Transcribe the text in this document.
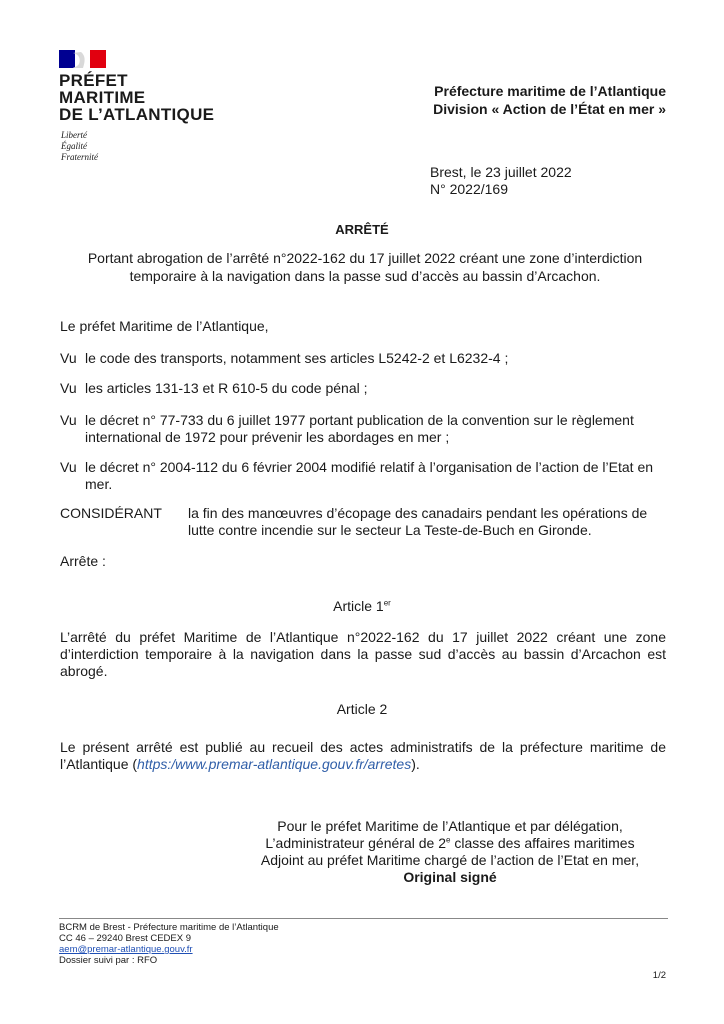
PRÉFET
MARITIME
DE L’ATLANTIQUE
Liberté
Égalité
Fraternité
Préfecture maritime de l’Atlantique
Division « Action de l’État en mer »
Brest, le 23 juillet 2022
N° 2022/169
ARRÊTÉ
Portant abrogation de l’arrêté n°2022-162 du 17 juillet 2022 créant une zone d’interdiction
temporaire à la navigation dans la passe sud d’accès au bassin d’Arcachon.
Le préfet Maritime de l’Atlantique,
Vu le code des transports, notamment ses articles L5242-2 et L6232-4 ;
Vu les articles 131-13 et R 610-5 du code pénal ;
Vu le décret n° 77-733 du 6 juillet 1977 portant publication de la convention sur le règlement international de 1972 pour prévenir les abordages en mer ;
Vu le décret n° 2004-112 du 6 février 2004 modifié relatif à l’organisation de l’action de l’Etat en mer.
CONSIDÉRANT	la fin des manœuvres d’écopage des canadairs pendant les opérations de lutte contre incendie sur le secteur La Teste-de-Buch en Gironde.
Arrête :
Article 1er
L’arrêté du préfet Maritime de l’Atlantique n°2022-162 du 17 juillet 2022 créant une zone d’interdiction temporaire à la navigation dans la passe sud d’accès au bassin d’Arcachon est abrogé.
Article 2
Le présent arrêté est publié au recueil des actes administratifs de la préfecture maritime de l’Atlantique (https:/www.premar-atlantique.gouv.fr/arretes).
Pour le préfet Maritime de l’Atlantique et par délégation,
L’administrateur général de 2e classe des affaires maritimes
Adjoint au préfet Maritime chargé de l’action de l’Etat en mer,
Original signé
BCRM de Brest - Préfecture maritime de l’Atlantique
CC 46 – 29240 Brest CEDEX 9
aem@premar-atlantique.gouv.fr
Dossier suivi par : RFO
1/2
